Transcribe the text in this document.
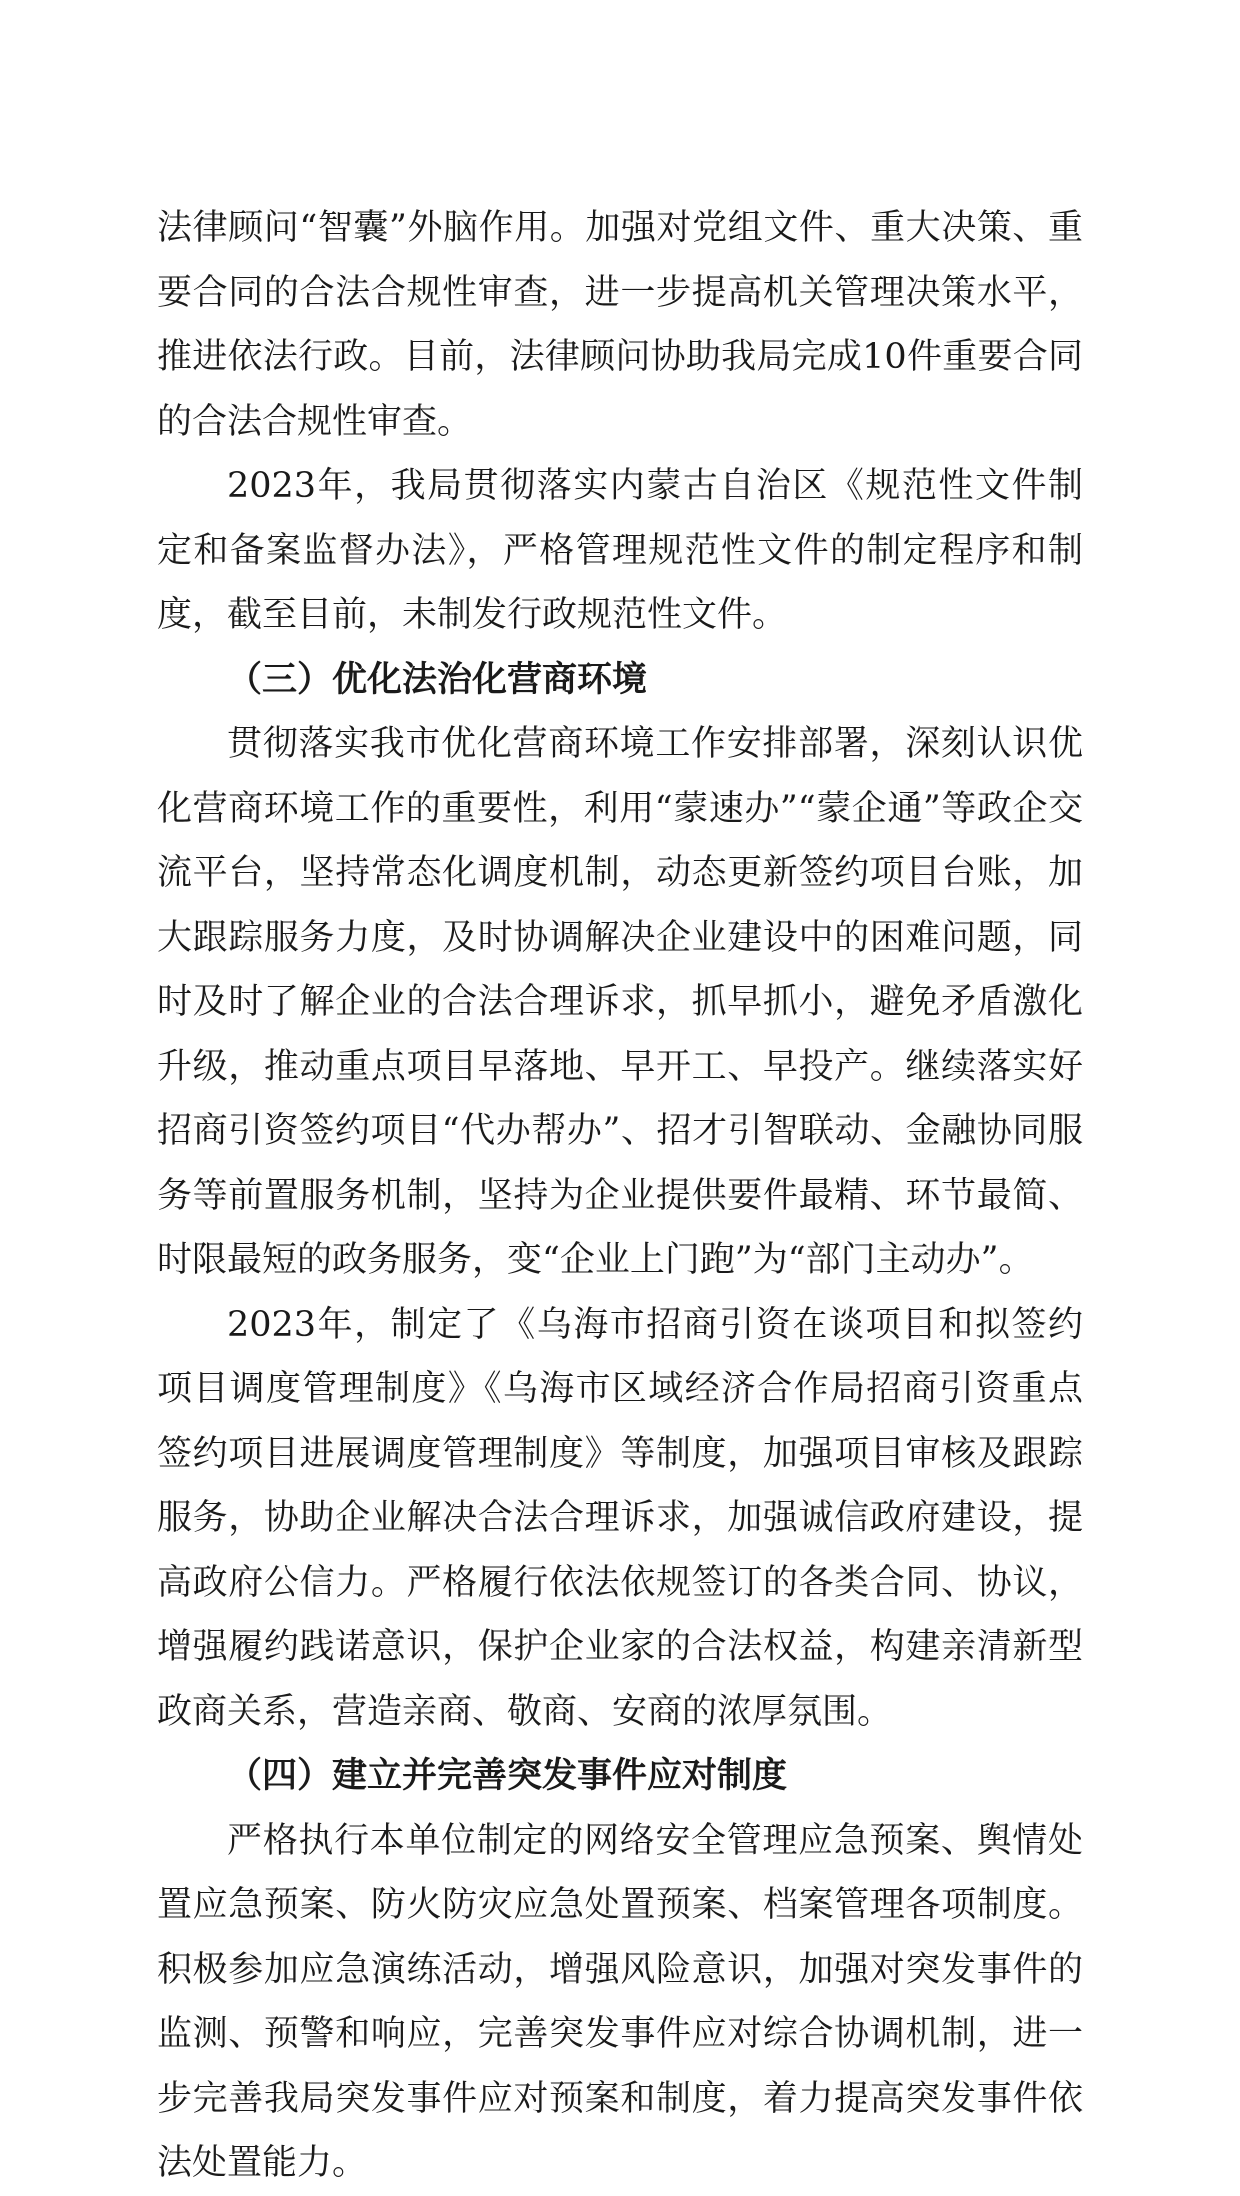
法律顾问“智囊”外脑作用。加强对党组文件、重大决策、重要合同的合法合规性审查，进一步提高机关管理决策水平，推进依法行政。目前，法律顾问协助我局完成10件重要合同的合法合规性审查。

2023年，我局贯彻落实内蒙古自治区《规范性文件制定和备案监督办法》，严格管理规范性文件的制定程序和制度，截至目前，未制发行政规范性文件。

（三）优化法治化营商环境

贯彻落实我市优化营商环境工作安排部署，深刻认识优化营商环境工作的重要性，利用“蒙速办”“蒙企通”等政企交流平台，坚持常态化调度机制，动态更新签约项目台账，加大跟踪服务力度，及时协调解决企业建设中的困难问题，同时及时了解企业的合法合理诉求，抓早抓小，避免矛盾激化升级，推动重点项目早落地、早开工、早投产。继续落实好招商引资签约项目“代办帮办”、招才引智联动、金融协同服务等前置服务机制，坚持为企业提供要件最精、环节最简、时限最短的政务服务，变“企业上门跑”为“部门主动办”。

2023年，制定了《乌海市招商引资在谈项目和拟签约项目调度管理制度》《乌海市区域经济合作局招商引资重点签约项目进展调度管理制度》等制度，加强项目审核及跟踪服务，协助企业解决合法合理诉求，加强诚信政府建设，提高政府公信力。严格履行依法依规签订的各类合同、协议，增强履约践诺意识，保护企业家的合法权益，构建亲清新型政商关系，营造亲商、敬商、安商的浓厚氛围。

（四）建立并完善突发事件应对制度

严格执行本单位制定的网络安全管理应急预案、舆情处置应急预案、防火防灾应急处置预案、档案管理各项制度。积极参加应急演练活动，增强风险意识，加强对突发事件的监测、预警和响应，完善突发事件应对综合协调机制，进一步完善我局突发事件应对预案和制度，着力提高突发事件依法处置能力。
